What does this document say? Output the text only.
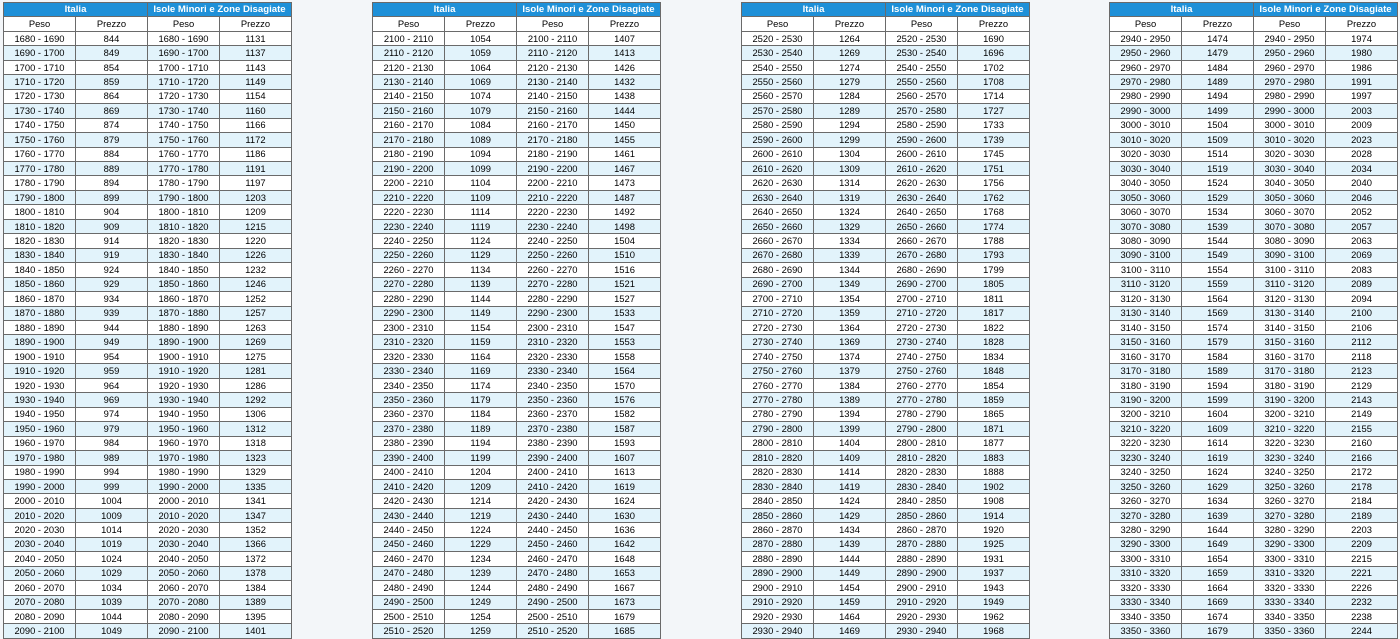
Italia		Isole Minori e Zone Disagiate	
Peso	Prezzo	Peso	Prezzo
1680 - 1690	844	1680 - 1690	1131
1690 - 1700	849	1690 - 1700	1137
1700 - 1710	854	1700 - 1710	1143
1710 - 1720	859	1710 - 1720	1149
1720 - 1730	864	1720 - 1730	1154
1730 - 1740	869	1730 - 1740	1160
1740 - 1750	874	1740 - 1750	1166
1750 - 1760	879	1750 - 1760	1172
1760 - 1770	884	1760 - 1770	1186
1770 - 1780	889	1770 - 1780	1191
1780 - 1790	894	1780 - 1790	1197
1790 - 1800	899	1790 - 1800	1203
1800 - 1810	904	1800 - 1810	1209
1810 - 1820	909	1810 - 1820	1215
1820 - 1830	914	1820 - 1830	1220
1830 - 1840	919	1830 - 1840	1226
1840 - 1850	924	1840 - 1850	1232
1850 - 1860	929	1850 - 1860	1246
1860 - 1870	934	1860 - 1870	1252
1870 - 1880	939	1870 - 1880	1257
1880 - 1890	944	1880 - 1890	1263
1890 - 1900	949	1890 - 1900	1269
1900 - 1910	954	1900 - 1910	1275
1910 - 1920	959	1910 - 1920	1281
1920 - 1930	964	1920 - 1930	1286
1930 - 1940	969	1930 - 1940	1292
1940 - 1950	974	1940 - 1950	1306
1950 - 1960	979	1950 - 1960	1312
1960 - 1970	984	1960 - 1970	1318
1970 - 1980	989	1970 - 1980	1323
1980 - 1990	994	1980 - 1990	1329
1990 - 2000	999	1990 - 2000	1335
2000 - 2010	1004	2000 - 2010	1341
2010 - 2020	1009	2010 - 2020	1347
2020 - 2030	1014	2020 - 2030	1352
2030 - 2040	1019	2030 - 2040	1366
2040 - 2050	1024	2040 - 2050	1372
2050 - 2060	1029	2050 - 2060	1378
2060 - 2070	1034	2060 - 2070	1384
2070 - 2080	1039	2070 - 2080	1389
2080 - 2090	1044	2080 - 2090	1395
2090 - 2100	1049	2090 - 2100	1401
Italia		Isole Minori e Zone Disagiate	
Peso	Prezzo	Peso	Prezzo
2100 - 2110	1054	2100 - 2110	1407
2110 - 2120	1059	2110 - 2120	1413
2120 - 2130	1064	2120 - 2130	1426
2130 - 2140	1069	2130 - 2140	1432
2140 - 2150	1074	2140 - 2150	1438
2150 - 2160	1079	2150 - 2160	1444
2160 - 2170	1084	2160 - 2170	1450
2170 - 2180	1089	2170 - 2180	1455
2180 - 2190	1094	2180 - 2190	1461
2190 - 2200	1099	2190 - 2200	1467
2200 - 2210	1104	2200 - 2210	1473
2210 - 2220	1109	2210 - 2220	1487
2220 - 2230	1114	2220 - 2230	1492
2230 - 2240	1119	2230 - 2240	1498
2240 - 2250	1124	2240 - 2250	1504
2250 - 2260	1129	2250 - 2260	1510
2260 - 2270	1134	2260 - 2270	1516
2270 - 2280	1139	2270 - 2280	1521
2280 - 2290	1144	2280 - 2290	1527
2290 - 2300	1149	2290 - 2300	1533
2300 - 2310	1154	2300 - 2310	1547
2310 - 2320	1159	2310 - 2320	1553
2320 - 2330	1164	2320 - 2330	1558
2330 - 2340	1169	2330 - 2340	1564
2340 - 2350	1174	2340 - 2350	1570
2350 - 2360	1179	2350 - 2360	1576
2360 - 2370	1184	2360 - 2370	1582
2370 - 2380	1189	2370 - 2380	1587
2380 - 2390	1194	2380 - 2390	1593
2390 - 2400	1199	2390 - 2400	1607
2400 - 2410	1204	2400 - 2410	1613
2410 - 2420	1209	2410 - 2420	1619
2420 - 2430	1214	2420 - 2430	1624
2430 - 2440	1219	2430 - 2440	1630
2440 - 2450	1224	2440 - 2450	1636
2450 - 2460	1229	2450 - 2460	1642
2460 - 2470	1234	2460 - 2470	1648
2470 - 2480	1239	2470 - 2480	1653
2480 - 2490	1244	2480 - 2490	1667
2490 - 2500	1249	2490 - 2500	1673
2500 - 2510	1254	2500 - 2510	1679
2510 - 2520	1259	2510 - 2520	1685
Italia		Isole Minori e Zone Disagiate	
Peso	Prezzo	Peso	Prezzo
2520 - 2530	1264	2520 - 2530	1690
2530 - 2540	1269	2530 - 2540	1696
2540 - 2550	1274	2540 - 2550	1702
2550 - 2560	1279	2550 - 2560	1708
2560 - 2570	1284	2560 - 2570	1714
2570 - 2580	1289	2570 - 2580	1727
2580 - 2590	1294	2580 - 2590	1733
2590 - 2600	1299	2590 - 2600	1739
2600 - 2610	1304	2600 - 2610	1745
2610 - 2620	1309	2610 - 2620	1751
2620 - 2630	1314	2620 - 2630	1756
2630 - 2640	1319	2630 - 2640	1762
2640 - 2650	1324	2640 - 2650	1768
2650 - 2660	1329	2650 - 2660	1774
2660 - 2670	1334	2660 - 2670	1788
2670 - 2680	1339	2670 - 2680	1793
2680 - 2690	1344	2680 - 2690	1799
2690 - 2700	1349	2690 - 2700	1805
2700 - 2710	1354	2700 - 2710	1811
2710 - 2720	1359	2710 - 2720	1817
2720 - 2730	1364	2720 - 2730	1822
2730 - 2740	1369	2730 - 2740	1828
2740 - 2750	1374	2740 - 2750	1834
2750 - 2760	1379	2750 - 2760	1848
2760 - 2770	1384	2760 - 2770	1854
2770 - 2780	1389	2770 - 2780	1859
2780 - 2790	1394	2780 - 2790	1865
2790 - 2800	1399	2790 - 2800	1871
2800 - 2810	1404	2800 - 2810	1877
2810 - 2820	1409	2810 - 2820	1883
2820 - 2830	1414	2820 - 2830	1888
2830 - 2840	1419	2830 - 2840	1902
2840 - 2850	1424	2840 - 2850	1908
2850 - 2860	1429	2850 - 2860	1914
2860 - 2870	1434	2860 - 2870	1920
2870 - 2880	1439	2870 - 2880	1925
2880 - 2890	1444	2880 - 2890	1931
2890 - 2900	1449	2890 - 2900	1937
2900 - 2910	1454	2900 - 2910	1943
2910 - 2920	1459	2910 - 2920	1949
2920 - 2930	1464	2920 - 2930	1962
2930 - 2940	1469	2930 - 2940	1968
Italia		Isole Minori e Zone Disagiate	
Peso	Prezzo	Peso	Prezzo
2940 - 2950	1474	2940 - 2950	1974
2950 - 2960	1479	2950 - 2960	1980
2960 - 2970	1484	2960 - 2970	1986
2970 - 2980	1489	2970 - 2980	1991
2980 - 2990	1494	2980 - 2990	1997
2990 - 3000	1499	2990 - 3000	2003
3000 - 3010	1504	3000 - 3010	2009
3010 - 3020	1509	3010 - 3020	2023
3020 - 3030	1514	3020 - 3030	2028
3030 - 3040	1519	3030 - 3040	2034
3040 - 3050	1524	3040 - 3050	2040
3050 - 3060	1529	3050 - 3060	2046
3060 - 3070	1534	3060 - 3070	2052
3070 - 3080	1539	3070 - 3080	2057
3080 - 3090	1544	3080 - 3090	2063
3090 - 3100	1549	3090 - 3100	2069
3100 - 3110	1554	3100 - 3110	2083
3110 - 3120	1559	3110 - 3120	2089
3120 - 3130	1564	3120 - 3130	2094
3130 - 3140	1569	3130 - 3140	2100
3140 - 3150	1574	3140 - 3150	2106
3150 - 3160	1579	3150 - 3160	2112
3160 - 3170	1584	3160 - 3170	2118
3170 - 3180	1589	3170 - 3180	2123
3180 - 3190	1594	3180 - 3190	2129
3190 - 3200	1599	3190 - 3200	2143
3200 - 3210	1604	3200 - 3210	2149
3210 - 3220	1609	3210 - 3220	2155
3220 - 3230	1614	3220 - 3230	2160
3230 - 3240	1619	3230 - 3240	2166
3240 - 3250	1624	3240 - 3250	2172
3250 - 3260	1629	3250 - 3260	2178
3260 - 3270	1634	3260 - 3270	2184
3270 - 3280	1639	3270 - 3280	2189
3280 - 3290	1644	3280 - 3290	2203
3290 - 3300	1649	3290 - 3300	2209
3300 - 3310	1654	3300 - 3310	2215
3310 - 3320	1659	3310 - 3320	2221
3320 - 3330	1664	3320 - 3330	2226
3330 - 3340	1669	3330 - 3340	2232
3340 - 3350	1674	3340 - 3350	2238
3350 - 3360	1679	3350 - 3360	2244
